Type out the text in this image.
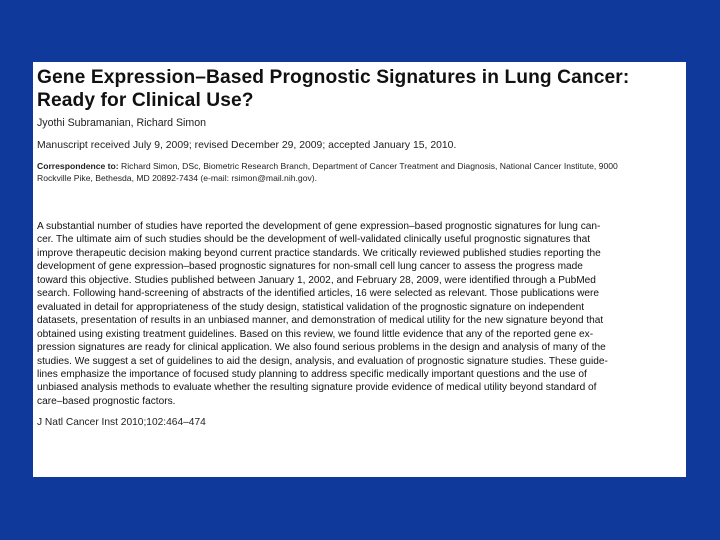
Gene Expression–Based Prognostic Signatures in Lung Cancer:
Ready for Clinical Use?

Jyothi Subramanian, Richard Simon

Manuscript received July 9, 2009; revised December 29, 2009; accepted January 15, 2010.

Correspondence to: Richard Simon, DSc, Biometric Research Branch, Department of Cancer Treatment and Diagnosis, National Cancer Institute, 9000
Rockville Pike, Bethesda, MD 20892-7434 (e-mail: rsimon@mail.nih.gov).

A substantial number of studies have reported the development of gene expression–based prognostic signatures for lung can-
cer. The ultimate aim of such studies should be the development of well-validated clinically useful prognostic signatures that
improve therapeutic decision making beyond current practice standards. We critically reviewed published studies reporting the
development of gene expression–based prognostic signatures for non-small cell lung cancer to assess the progress made
toward this objective. Studies published between January 1, 2002, and February 28, 2009, were identified through a PubMed
search. Following hand-screening of abstracts of the identified articles, 16 were selected as relevant. Those publications were
evaluated in detail for appropriateness of the study design, statistical validation of the prognostic signature on independent
datasets, presentation of results in an unbiased manner, and demonstration of medical utility for the new signature beyond that
obtained using existing treatment guidelines. Based on this review, we found little evidence that any of the reported gene ex-
pression signatures are ready for clinical application. We also found serious problems in the design and analysis of many of the
studies. We suggest a set of guidelines to aid the design, analysis, and evaluation of prognostic signature studies. These guide-
lines emphasize the importance of focused study planning to address specific medically important questions and the use of
unbiased analysis methods to evaluate whether the resulting signature provide evidence of medical utility beyond standard of
care–based prognostic factors.

J Natl Cancer Inst 2010;102:464–474
